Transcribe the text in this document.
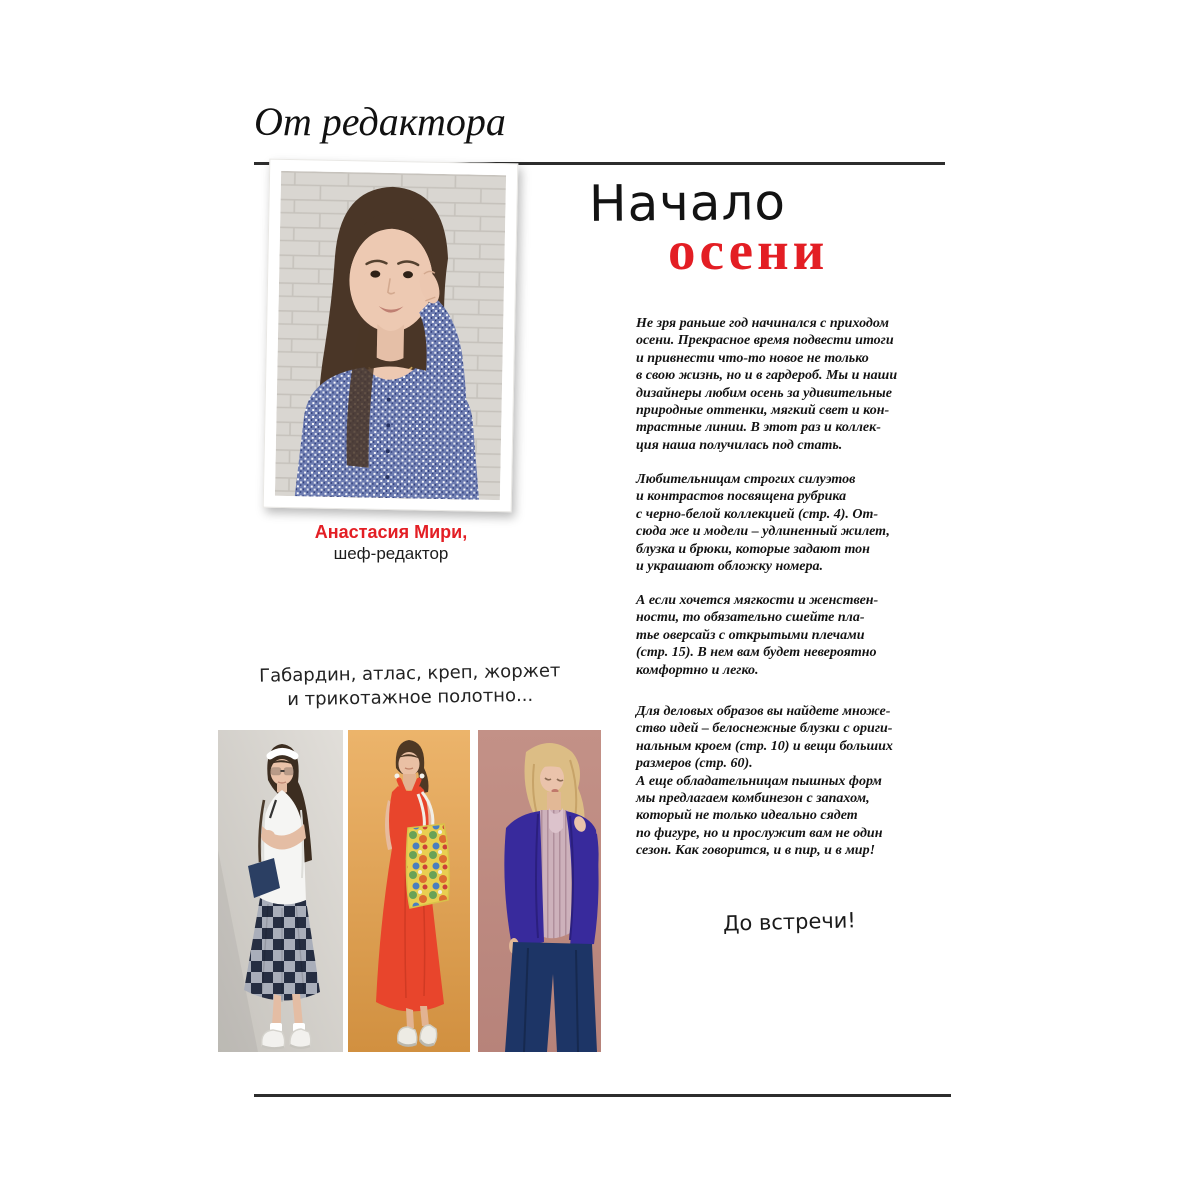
От редактора
Анастасия Мири,
шеф-редактор
Начало
осени
Не зря раньше год начинался с приходом
осени. Прекрасное время подвести итоги
и привнести что-то новое не только
в свою жизнь, но и в гардероб. Мы и наши
дизайнеры любим осень за удивительные
природные оттенки, мягкий свет и кон-
трастные линии. В этот раз и коллек-
ция наша получилась под стать.
Любительницам строгих силуэтов
и контрастов посвящена рубрика
с черно-белой коллекцией (стр. 4). От-
сюда же и модели – удлиненный жилет,
блузка и брюки, которые задают тон
и украшают обложку номера.
А если хочется мягкости и женствен-
ности, то обязательно сшейте пла-
тье оверсайз с открытыми плечами
(стр. 15). В нем вам будет невероятно
комфортно и легко.
Для деловых образов вы найдете множе-
ство идей – белоснежные блузки с ориги-
нальным кроем (стр. 10) и вещи больших
размеров (стр. 60).
А еще обладательницам пышных форм
мы предлагаем комбинезон с запахом,
который не только идеально сядет
по фигуре, но и прослужит вам не один
сезон. Как говорится, и в пир, и в мир!
Габардин, атлас, креп, жоржет
и трикотажное полотно...
До встречи!
